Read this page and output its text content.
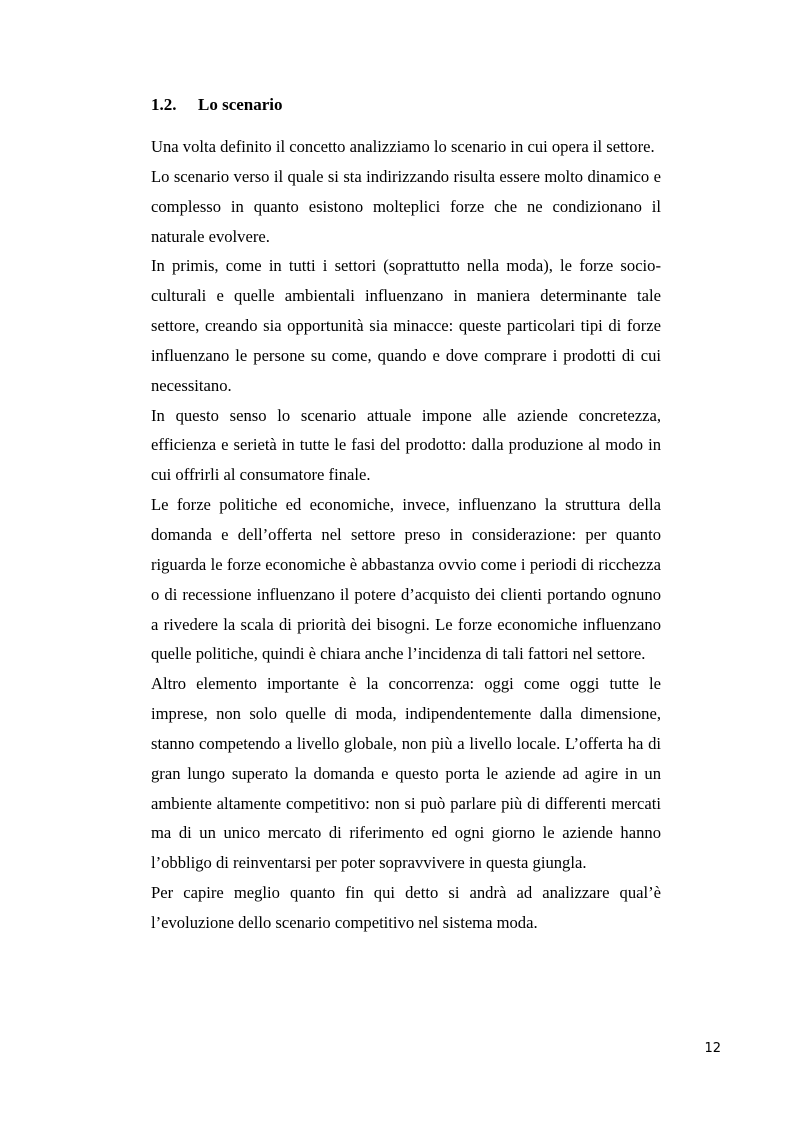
1.2. Lo scenario

Una volta definito il concetto analizziamo lo scenario in cui opera il settore.

Lo scenario verso il quale si sta indirizzando risulta essere molto dinamico e complesso in quanto esistono molteplici forze che ne condizionano il naturale evolvere.

In primis, come in tutti i settori (soprattutto nella moda), le forze socio-culturali e quelle ambientali influenzano in maniera determinante tale settore, creando sia opportunità sia minacce: queste particolari tipi di forze influenzano le persone su come, quando e dove comprare i prodotti di cui necessitano.

In questo senso lo scenario attuale impone alle aziende concretezza, efficienza e serietà in tutte le fasi del prodotto: dalla produzione al modo in cui offrirli al consumatore finale.

Le forze politiche ed economiche, invece, influenzano la struttura della domanda e dell’offerta nel settore preso in considerazione: per quanto riguarda le forze economiche è abbastanza ovvio come i periodi di ricchezza o di recessione influenzano il potere d’acquisto dei clienti portando ognuno a rivedere la scala di priorità dei bisogni. Le forze economiche influenzano quelle politiche, quindi è chiara anche l’incidenza di tali fattori nel settore.

Altro elemento importante è la concorrenza: oggi come oggi tutte le imprese, non solo quelle di moda, indipendentemente dalla dimensione, stanno competendo a livello globale, non più a livello locale. L’offerta ha di gran lungo superato la domanda e questo porta le aziende ad agire in un ambiente altamente competitivo: non si può parlare più di differenti mercati ma di un unico mercato di riferimento ed ogni giorno le aziende hanno l’obbligo di reinventarsi per poter sopravvivere in questa giungla.

Per capire meglio quanto fin qui detto si andrà ad analizzare qual’è l’evoluzione dello scenario competitivo nel sistema moda.

12
